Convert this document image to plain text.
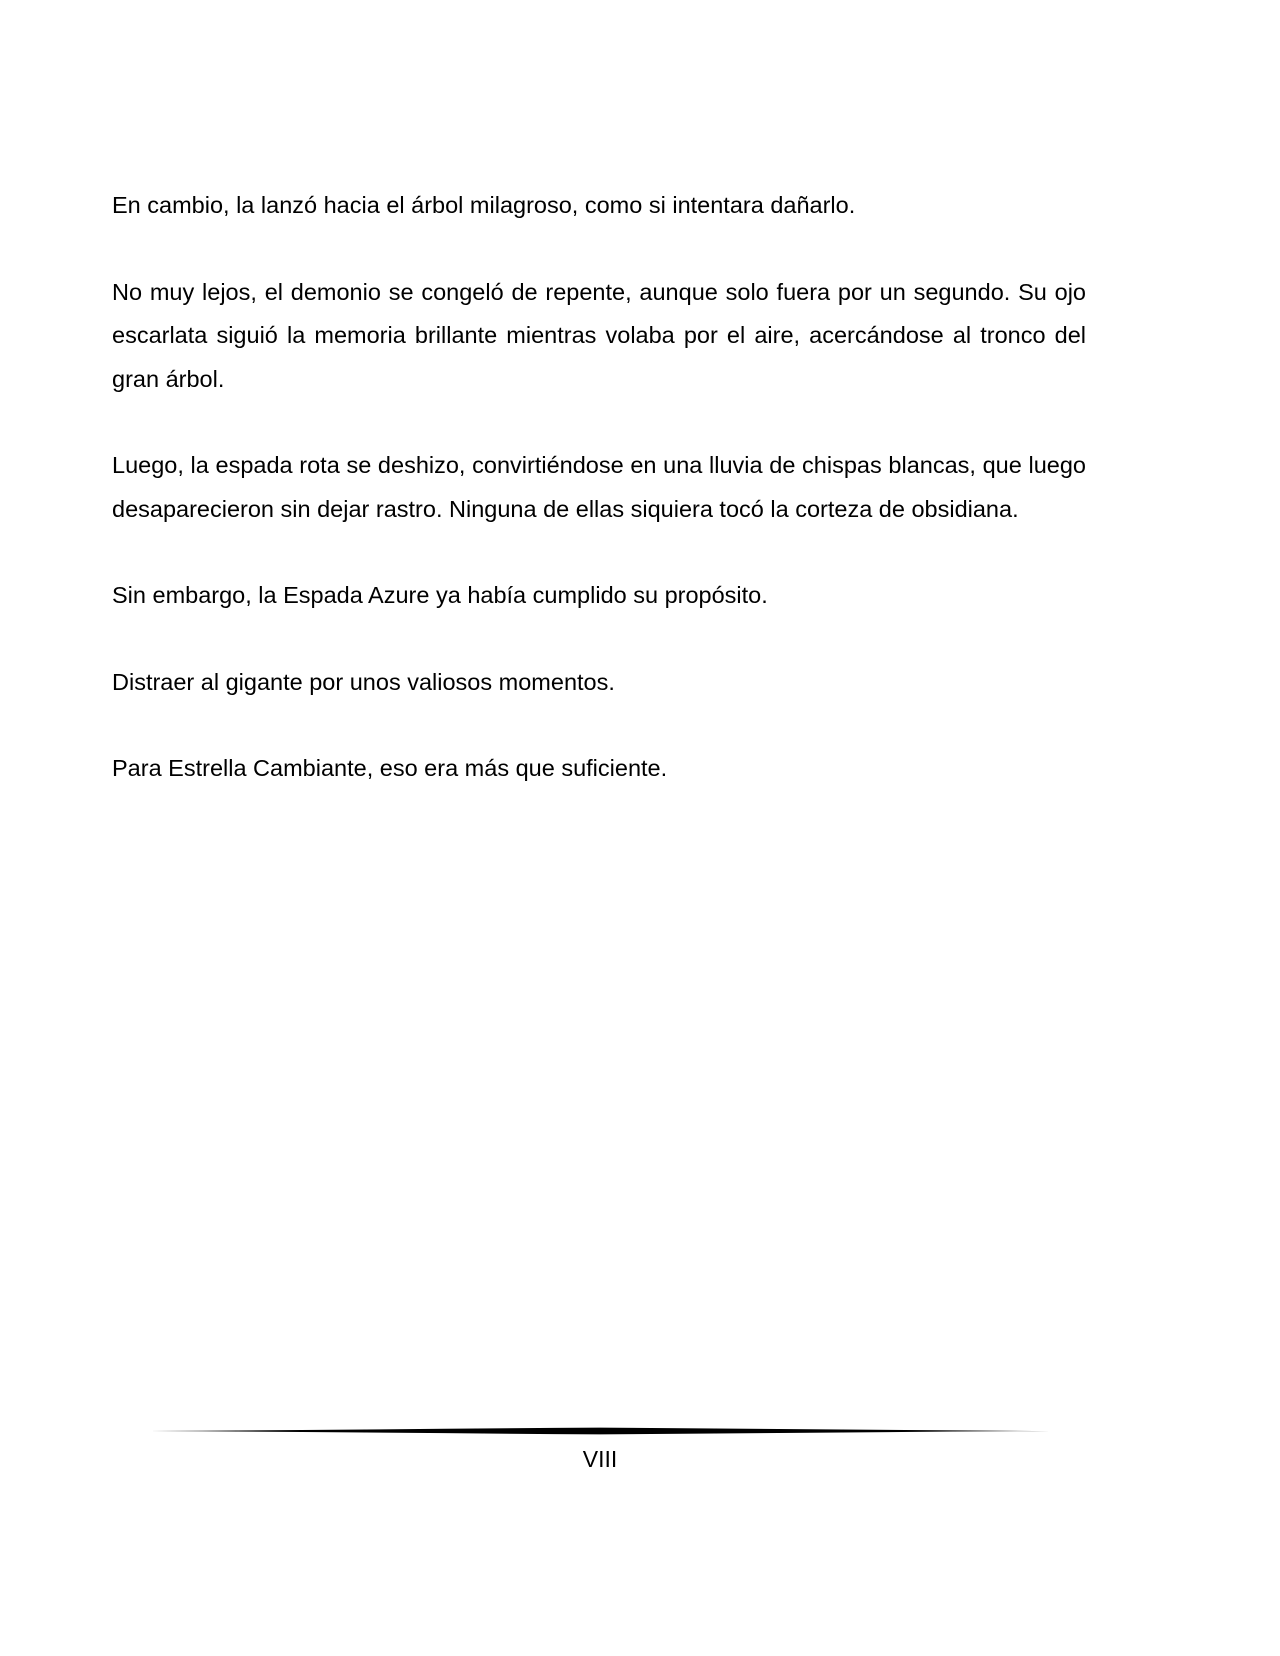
En cambio, la lanzó hacia el árbol milagroso, como si intentara dañarlo.

No muy lejos, el demonio se congeló de repente, aunque solo fuera por un segundo. Su ojo escarlata siguió la memoria brillante mientras volaba por el aire, acercándose al tronco del gran árbol.

Luego, la espada rota se deshizo, convirtiéndose en una lluvia de chispas blancas, que luego desaparecieron sin dejar rastro. Ninguna de ellas siquiera tocó la corteza de obsidiana.

Sin embargo, la Espada Azure ya había cumplido su propósito.

Distraer al gigante por unos valiosos momentos.

Para Estrella Cambiante, eso era más que suficiente.

VIII
